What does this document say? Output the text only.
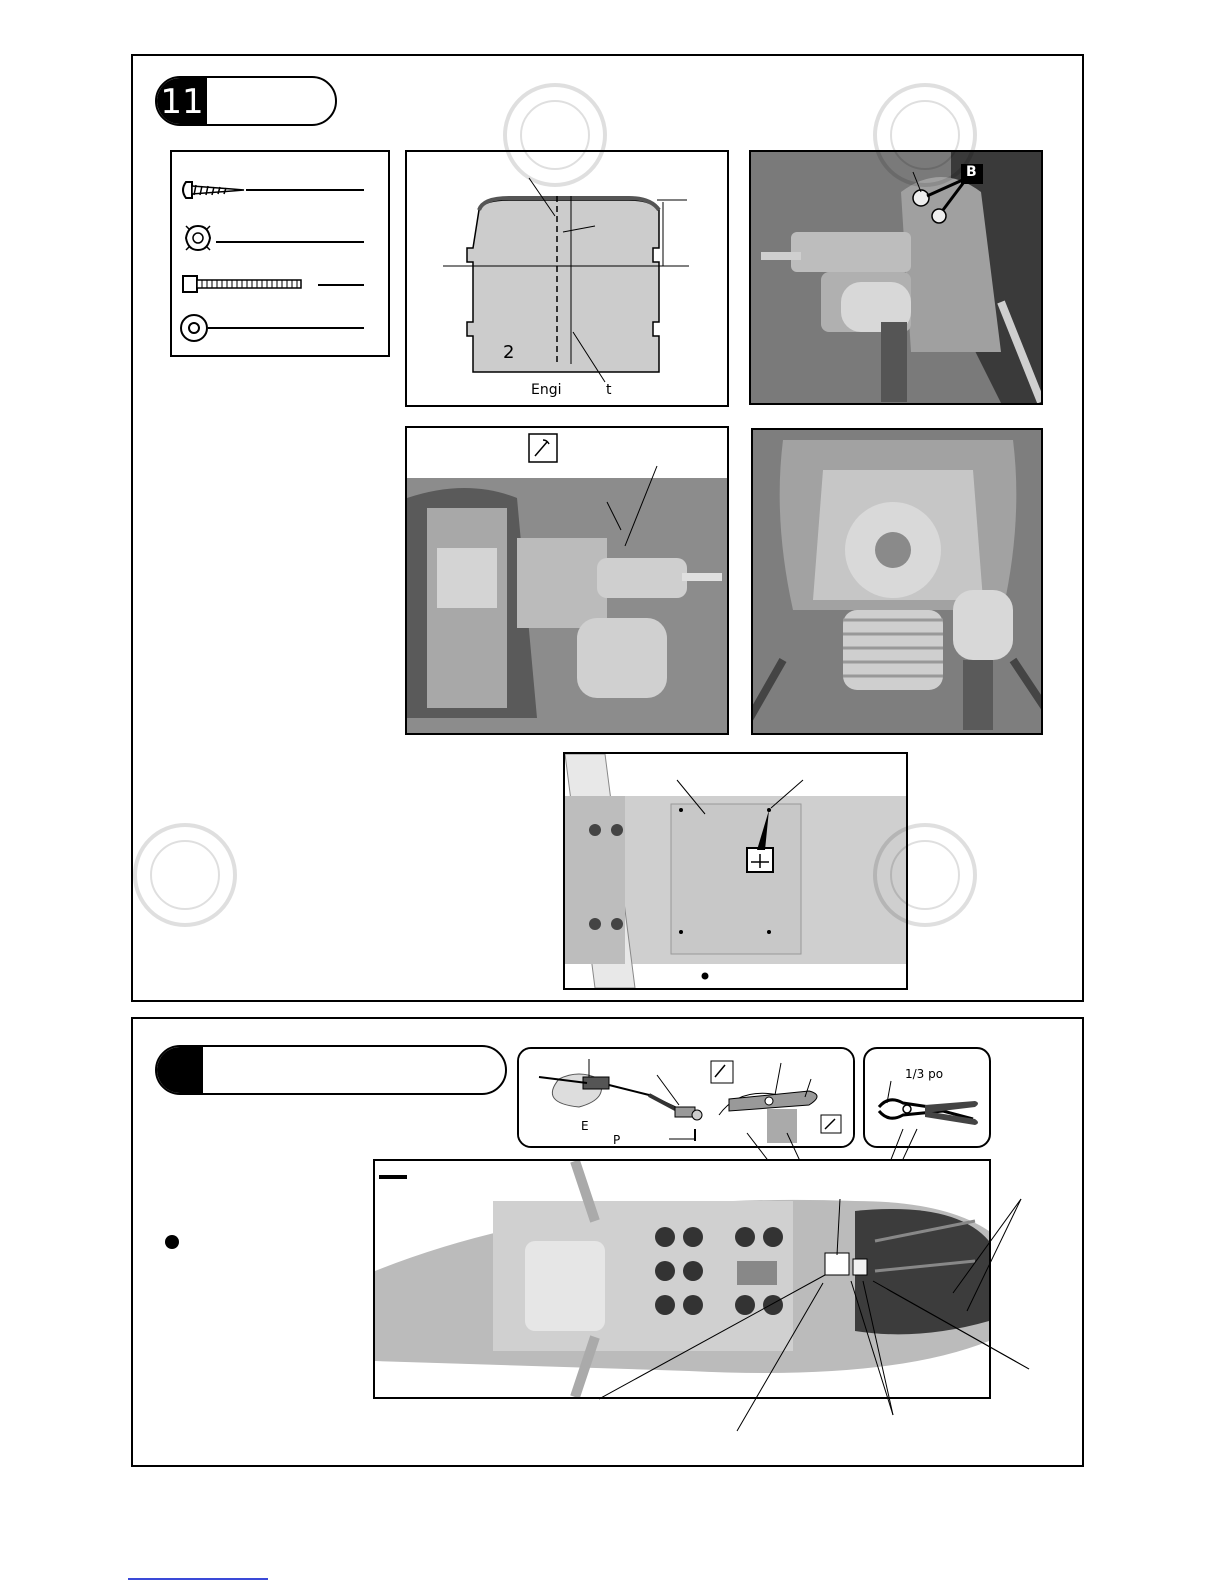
11
2
Engi          t
B
E
P
1/3 po
